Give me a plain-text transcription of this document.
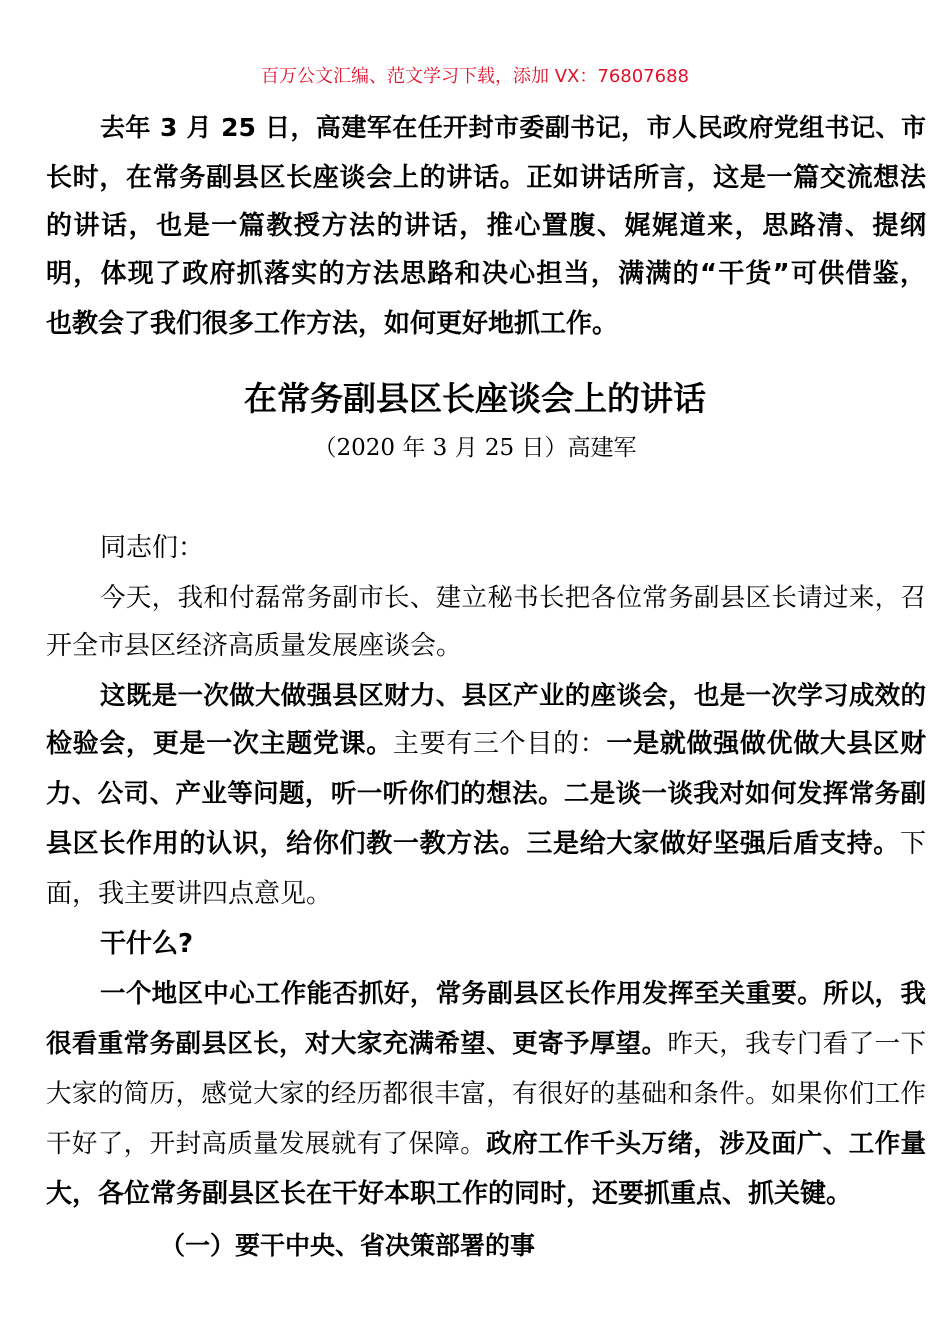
百万公文汇编、范文学习下载，添加 VX：76807688
去年 3 月 25 日，高建军在任开封市委副书记，市人民政府党组书记、市
长时，在常务副县区长座谈会上的讲话。正如讲话所言，这是一篇交流想法
的讲话，也是一篇教授方法的讲话，推心置腹、娓娓道来，思路清、提纲
明，体现了政府抓落实的方法思路和决心担当，满满的“干货”可供借鉴，
也教会了我们很多工作方法，如何更好地抓工作。
在常务副县区长座谈会上的讲话
（2020 年 3 月 25 日）高建军
同志们：
今天，我和付磊常务副市长、建立秘书长把各位常务副县区长请过来，召
开全市县区经济高质量发展座谈会。
这既是一次做大做强县区财力、县区产业的座谈会，也是一次学习成效的
检验会，更是一次主题党课。主要有三个目的：一是就做强做优做大县区财
力、公司、产业等问题，听一听你们的想法。二是谈一谈我对如何发挥常务副
县区长作用的认识，给你们教一教方法。三是给大家做好坚强后盾支持。下
面，我主要讲四点意见。
干什么?
一个地区中心工作能否抓好，常务副县区长作用发挥至关重要。所以，我
很看重常务副县区长，对大家充满希望、更寄予厚望。昨天，我专门看了一下
大家的简历，感觉大家的经历都很丰富，有很好的基础和条件。如果你们工作
干好了，开封高质量发展就有了保障。政府工作千头万绪，涉及面广、工作量
大，各位常务副县区长在干好本职工作的同时，还要抓重点、抓关键。
（一）要干中央、省决策部署的事
